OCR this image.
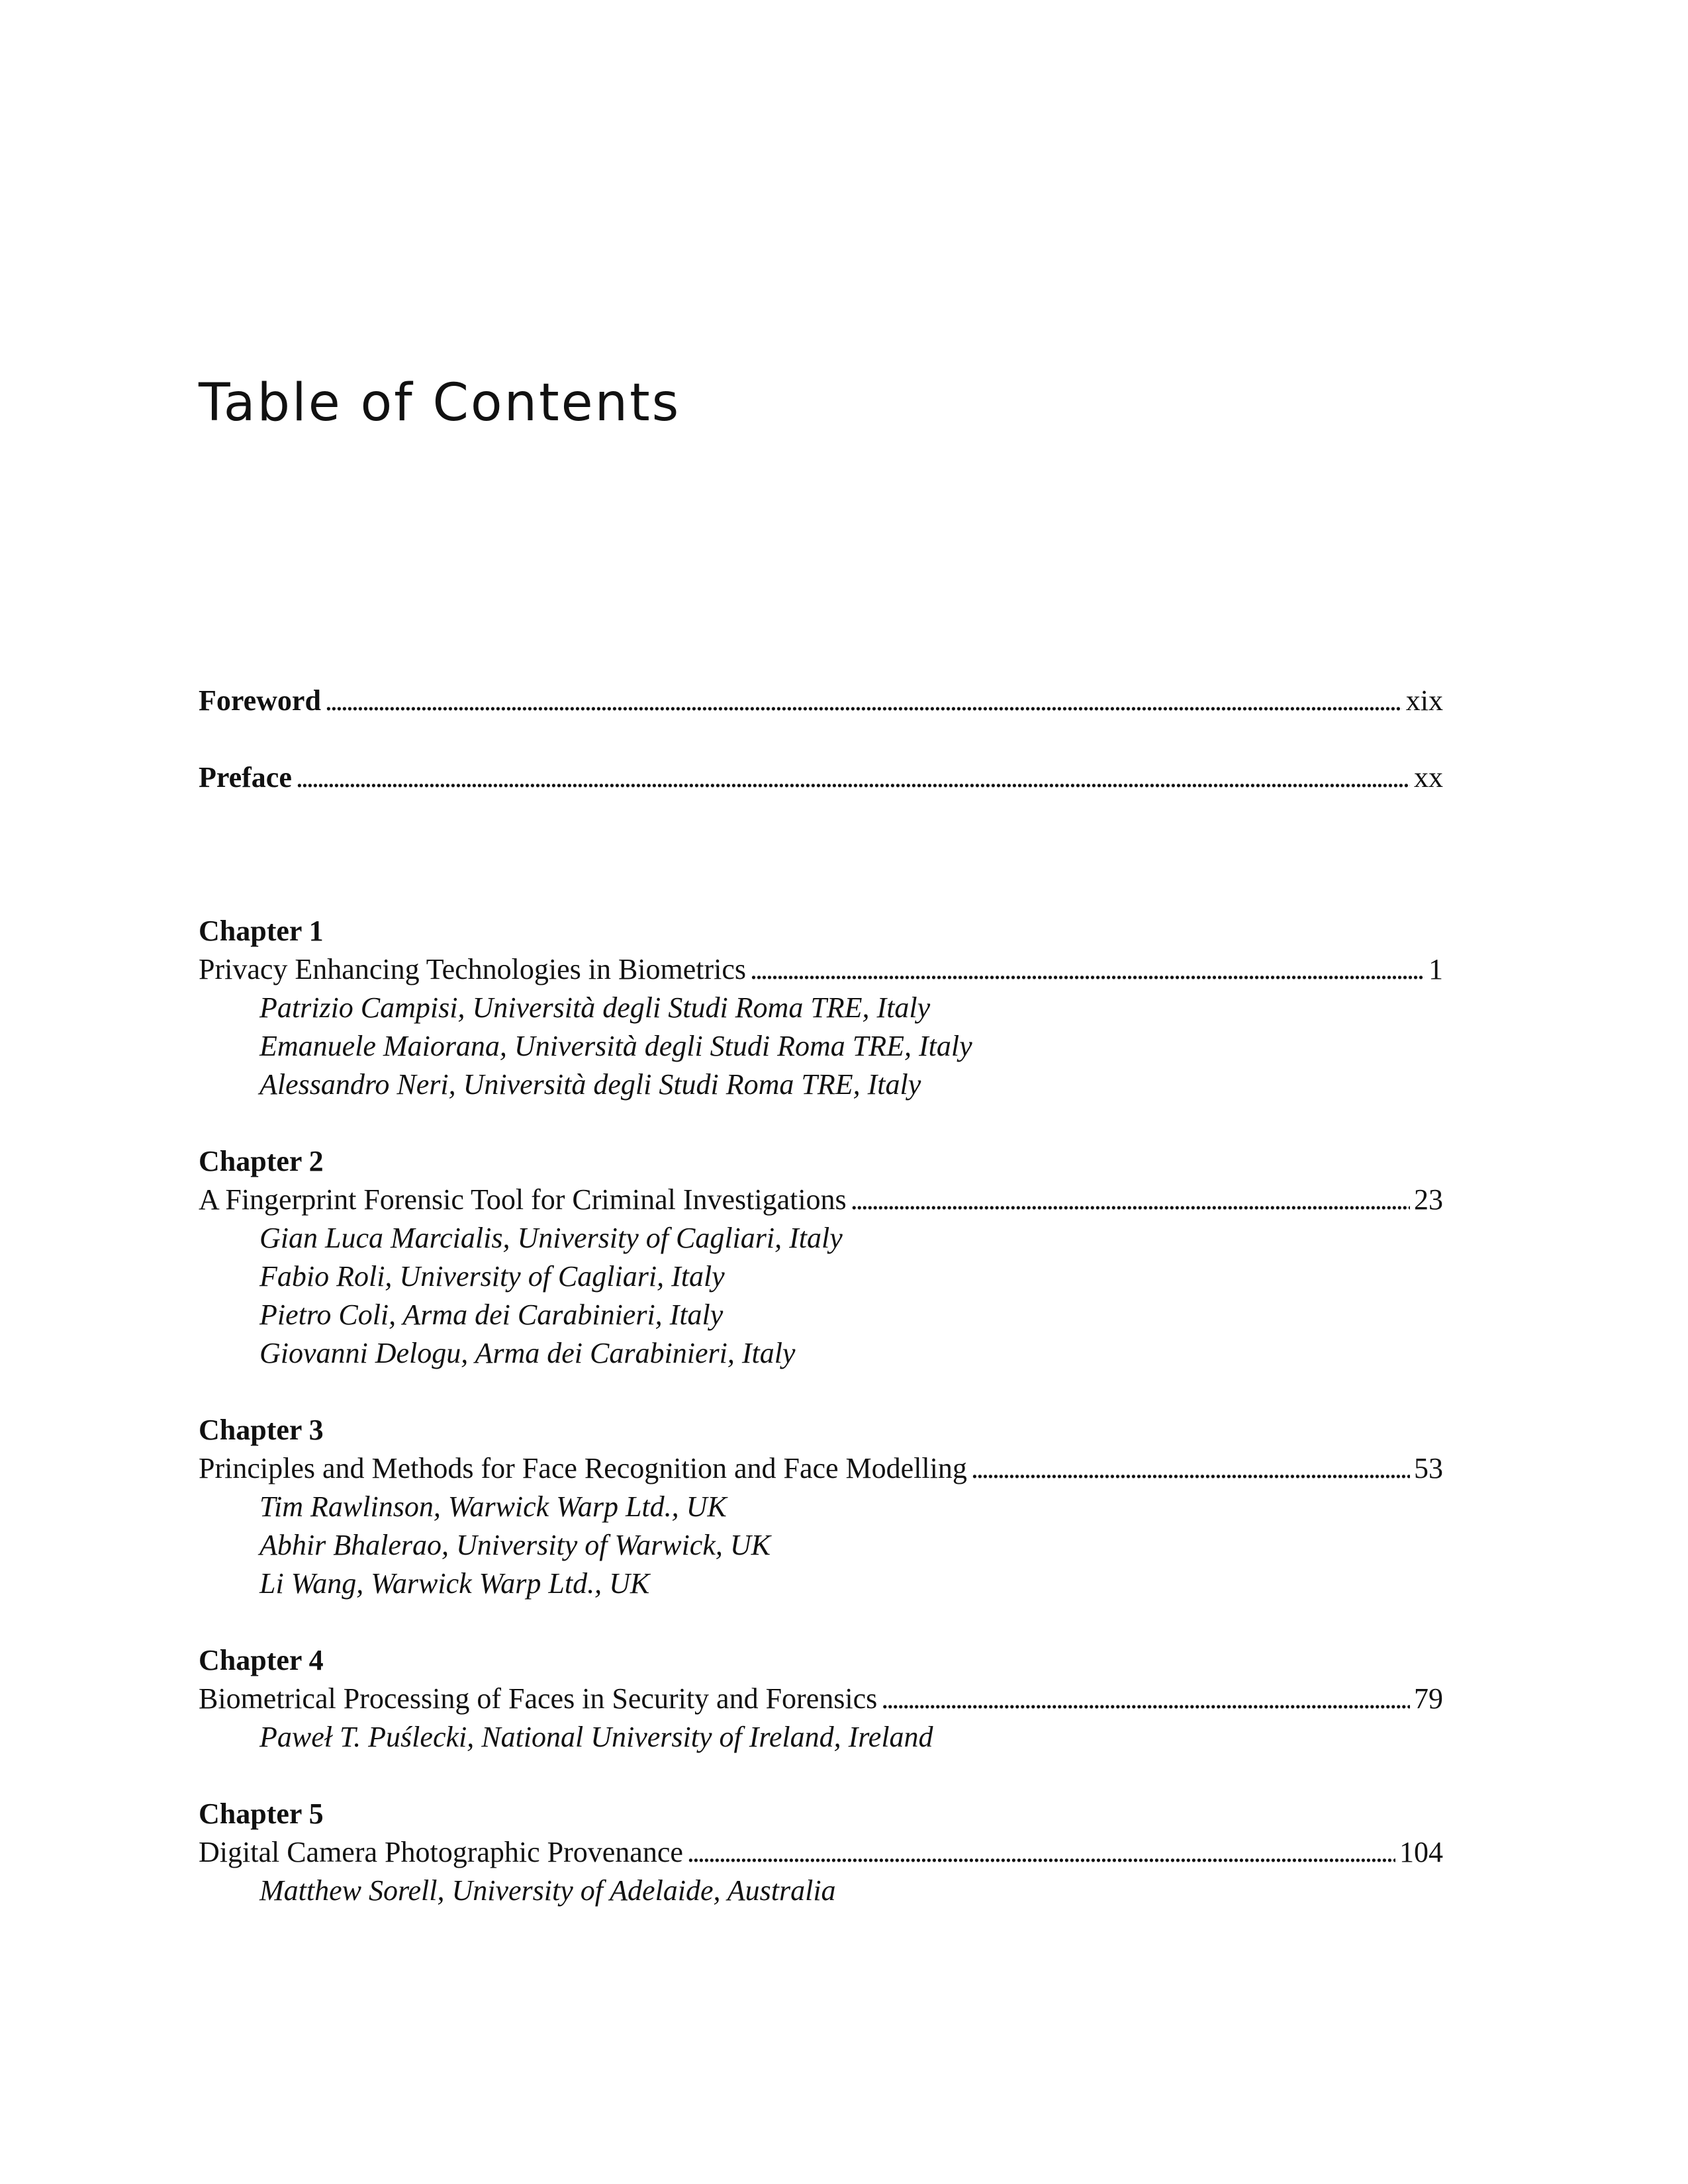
Table of Contents
Foreword . . .	xix
Preface . . .	xx
Chapter 1
Privacy Enhancing Technologies in Biometrics . . .	1
Patrizio Campisi, Università degli Studi Roma TRE, Italy
Emanuele Maiorana, Università degli Studi Roma TRE, Italy
Alessandro Neri, Università degli Studi Roma TRE, Italy
Chapter 2
A Fingerprint Forensic Tool for Criminal Investigations . . .	23
Gian Luca Marcialis, University of Cagliari, Italy
Fabio Roli, University of Cagliari, Italy
Pietro Coli, Arma dei Carabinieri, Italy
Giovanni Delogu, Arma dei Carabinieri, Italy
Chapter 3
Principles and Methods for Face Recognition and Face Modelling . . .	53
Tim Rawlinson, Warwick Warp Ltd., UK
Abhir Bhalerao, University of Warwick, UK
Li Wang, Warwick Warp Ltd., UK
Chapter 4
Biometrical Processing of Faces in Security and Forensics . . .	79
Paweł T. Puślecki, National University of Ireland, Ireland
Chapter 5
Digital Camera Photographic Provenance . . .	104
Matthew Sorell, University of Adelaide, Australia
